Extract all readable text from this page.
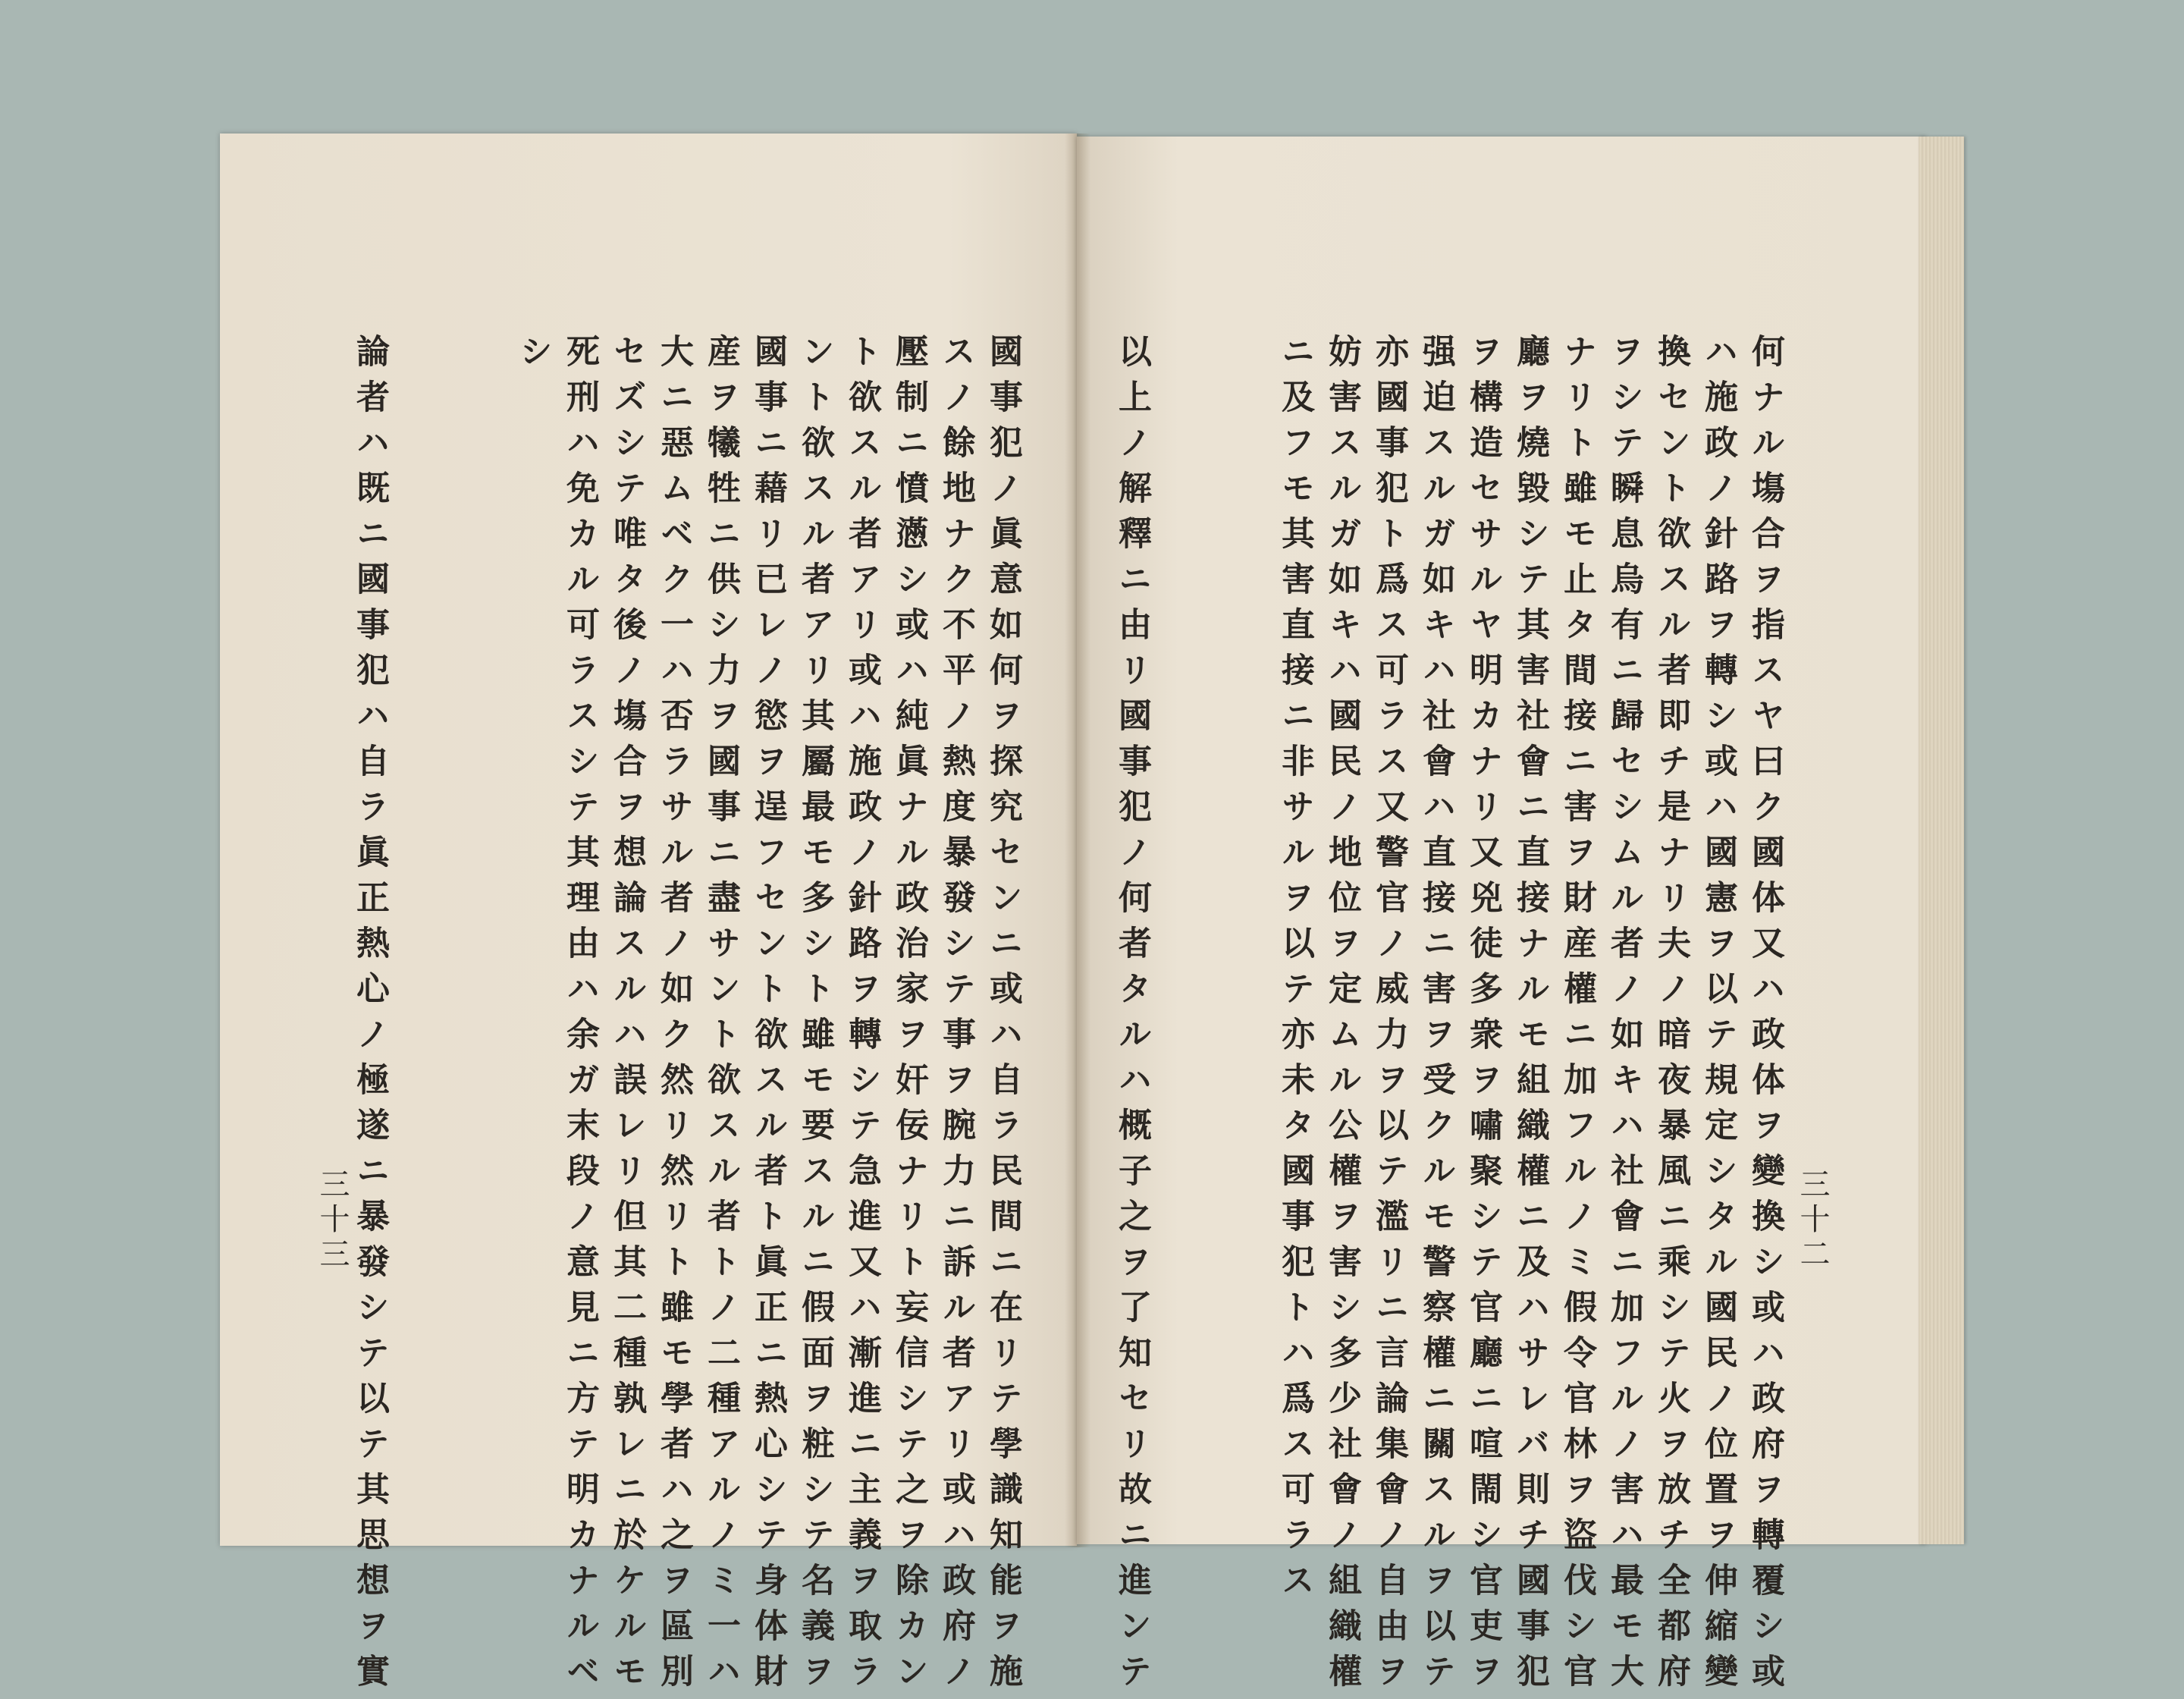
三十二
何ナル塲合ヲ指スヤ曰ク國体又ハ政体ヲ變換シ或ハ政府ヲ轉覆シ或
ハ施政ノ針路ヲ轉シ或ハ國憲ヲ以テ規定シタル國民ノ位置ヲ伸縮變
換セント欲スル者即チ是ナリ夫ノ暗夜暴風ニ乘シテ火ヲ放チ全都府
ヲシテ瞬息烏有ニ歸セシムル者ノ如キハ社會ニ加フルノ害ハ最モ大
ナリト雖モ止タ間接ニ害ヲ財産權ニ加フルノミ假令官林ヲ盜伐シ官
廳ヲ燒毀シテ其害社會ニ直接ナルモ組織權ニ及ハサレバ則チ國事犯
ヲ構造セサルヤ明カナリ又兇徒多衆ヲ嘯聚シテ官廳ニ喧閙シ官吏ヲ
强迫スルガ如キハ社會ハ直接ニ害ヲ受クルモ警察權ニ關スルヲ以テ
亦國事犯ト爲ス可ラス又警官ノ威力ヲ以テ濫リニ言論集會ノ自由ヲ
妨害スルガ如キハ國民ノ地位ヲ定ムル公權ヲ害シ多少社會ノ組織權
ニ及フモ其害直接ニ非サルヲ以テ亦未タ國事犯トハ爲ス可ラス
以上ノ解釋ニ由リ國事犯ノ何者タルハ概子之ヲ了知セリ故ニ進ンテ
國事犯ノ眞意如何ヲ探究センニ或ハ自ラ民間ニ在リテ學識知能ヲ施
スノ餘地ナク不平ノ熱度暴發シテ事ヲ腕力ニ訴ル者アリ或ハ政府ノ
壓制ニ憤懣シ或ハ純眞ナル政治家ヲ奸佞ナリト妄信シテ之ヲ除カン
ト欲スル者アリ或ハ施政ノ針路ヲ轉シテ急進又ハ漸進ニ主義ヲ取ラ
ント欲スル者アリ其屬最モ多シト雖モ要スルニ假面ヲ粧シテ名義ヲ
國事ニ藉リ已レノ慾ヲ逞フセント欲スル者ト眞正ニ熱心シテ身体財
産ヲ犧牲ニ供シ力ヲ國事ニ盡サント欲スル者トノ二種アルノミ一ハ
大ニ惡ムベク一ハ否ラサル者ノ如ク然リ然リト雖モ學者ハ之ヲ區別
セズシテ唯タ後ノ塲合ヲ想論スルハ誤レリ但其二種孰レニ於ケルモ
死刑ハ免カル可ラスシテ其理由ハ余ガ末段ノ意見ニ方テ明カナルベ
シ
論者ハ既ニ國事犯ハ自ラ眞正熱心ノ極遂ニ暴發シテ以テ其思想ヲ實
三十三
